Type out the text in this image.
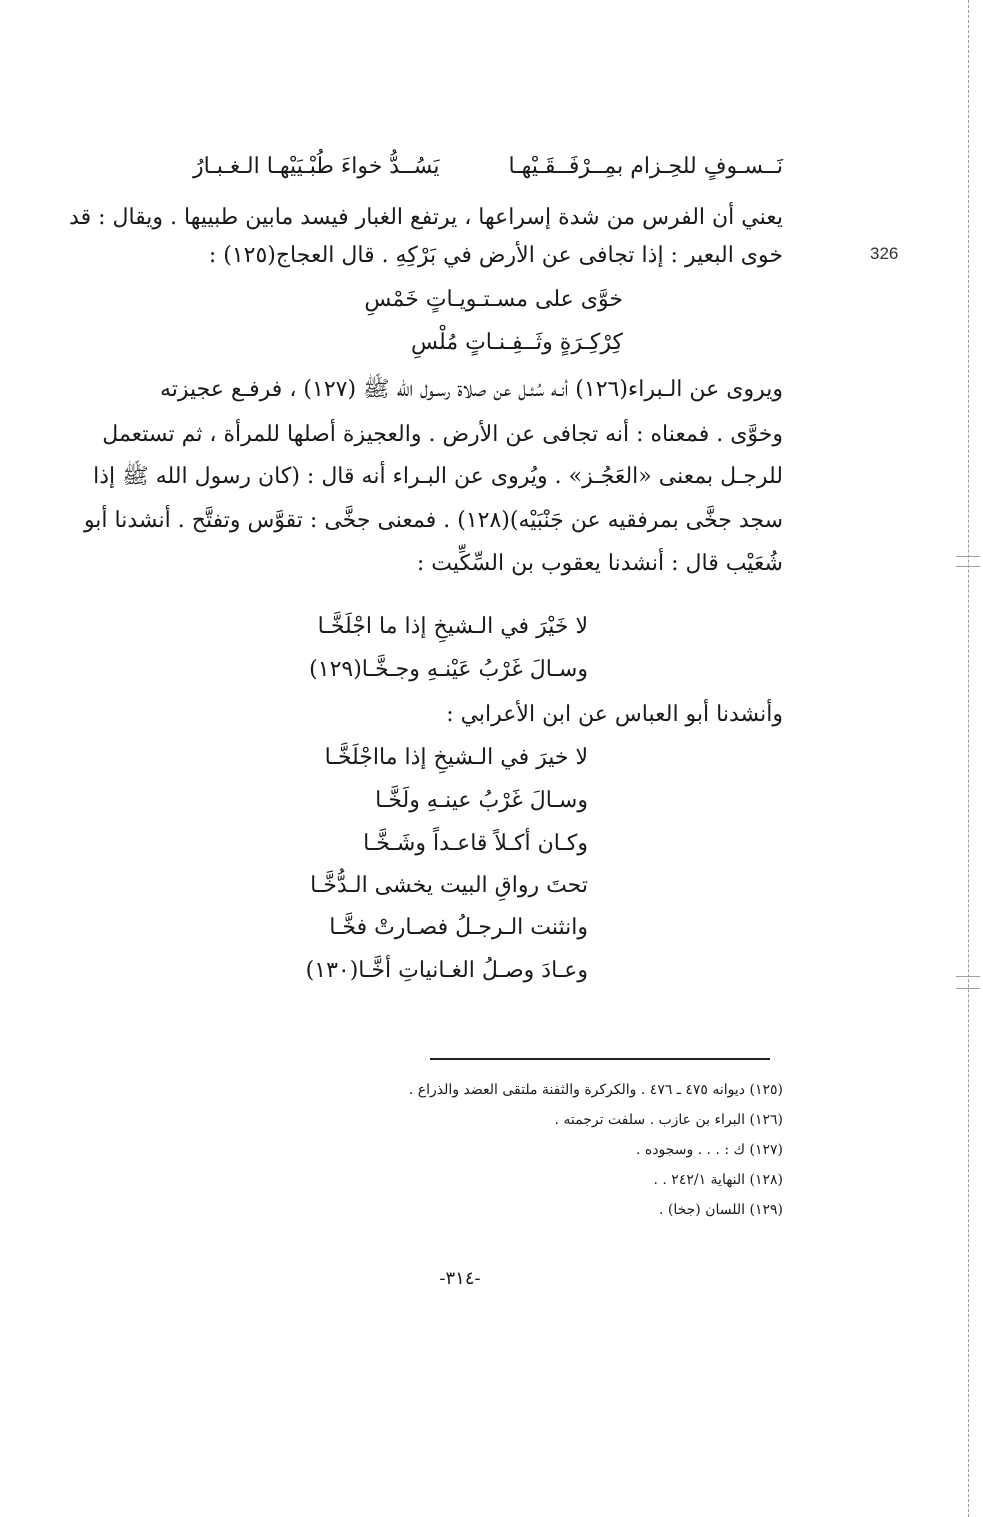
326
نَــسـوفٍ للحِـزام بمِــرْفَــقَـيْهـا
يَسُــدُّ خواءَ طُبْـيَيْهـا الـغـبـارُ
يعني أن الفرس من شدة إسراعها ، يرتفع الغبار فيسد مابين طبييها . ويقال : قد
خوى البعير : إذا تجافى عن الأرض في بَرْكِهِ . قال العجاج(١٢٥) :
خوَّى على مسـتـويـاتٍ خَمْسِ
كِرْكِـرَةٍ وثَــفِـنـاتٍ مُلْسِ
ويروى عن الـبراء(١٢٦) أنـه سُئـل عن صلاة رسـول الله ﷺ (١٢٧) ، فرفـع عجيزته
وخوَّى . فمعناه : أنه تجافى عن الأرض . والعجيزة أصلها للمرأة ، ثم تستعمل
للرجـل بمعنى «العَجُـز» . ويُروى عن البـراء أنه قال : (كان رسول الله ﷺ إذا
سجد جخَّى بمرفقيه عن جَنْبَيْه)(١٢٨) . فمعنى جخَّى : تقوَّس وتفتَّح . أنشدنا أبو
شُعَيْب قال : أنشدنا يعقوب بن السِّكِّيت :
لا خَيْرَ في الـشيخِ إذا ما اجْلَخَّـا
وسـالَ غَرْبُ عَيْنـهِ وجـخَّـا(١٢٩)
وأنشدنا أبو العباس عن ابن الأعرابي :
لا خيرَ في الـشيخِ إذا مااجْلَخَّـا
وسـالَ غَرْبُ عينـهِ ولَخَّـا
وكـان أكـلاً قاعـداً وشَـخَّـا
تحتَ رواقِ البيت يخشى الـدُّخَّـا
وانثنت الـرجـلُ فصـارتْ فخَّـا
وعـادَ وصـلُ الغـانياتِ أخَّـا(١٣٠)
(١٢٥) ديوانه ٤٧٥ ـ ٤٧٦ . والكركرة والثفنة ملتقى العضد والذراع .
(١٢٦) البراء بن عازب . سلفت ترجمته .
(١٢٧) ك : . . . وسجوده .
(١٢٨) النهاية ٢٤٢/١ . .
(١٢٩) اللسان (جخا) .
-٣١٤-
